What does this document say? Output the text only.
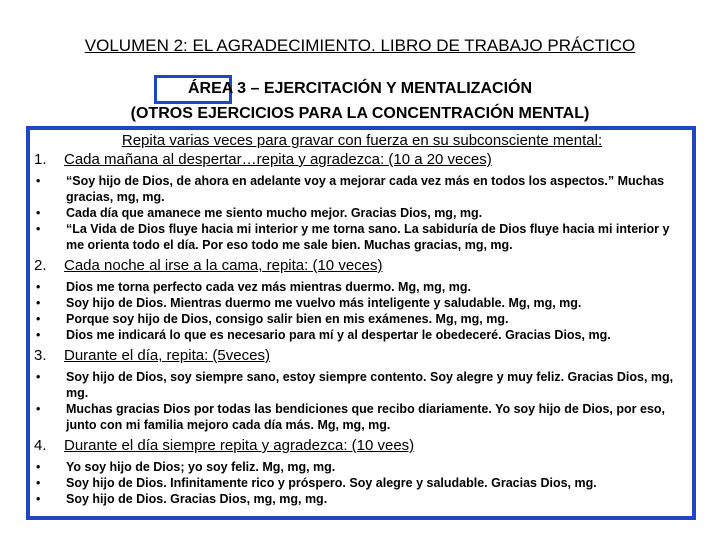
VOLUMEN 2: EL AGRADECIMIENTO. LIBRO DE TRABAJO PRÁCTICO
ÁREA 3 – EJERCITACIÓN Y MENTALIZACIÓN
(OTROS EJERCICIOS PARA LA CONCENTRACIÓN MENTAL)
Repita varias veces para gravar con fuerza en su subconsciente mental:
1.	Cada mañana al despertar…repita y agradezca: (10 a 20 veces)
•	“Soy hijo de Dios, de ahora en adelante voy a mejorar cada vez más en todos los aspectos.” Muchas gracias, mg, mg.
•	Cada día que amanece me siento mucho mejor. Gracias Dios, mg, mg.
•	“La Vida de Dios fluye hacia mi interior y me torna sano. La sabiduría de Dios fluye hacia mi interior y me orienta todo el día. Por eso todo me sale bien. Muchas gracias, mg, mg.
2.	Cada noche al irse a la cama, repita: (10 veces)
•	Dios me torna perfecto cada vez más mientras duermo. Mg, mg, mg.
•	Soy hijo de Dios. Mientras duermo me vuelvo más inteligente y saludable. Mg, mg, mg.
•	Porque soy hijo de Dios, consigo salir bien en mis exámenes. Mg, mg, mg.
•	Dios me indicará lo que es necesario para mí y al despertar le obedeceré. Gracias Dios, mg.
3.	Durante el día, repita: (5veces)
•	Soy hijo de Dios, soy siempre sano, estoy siempre contento. Soy alegre y muy feliz. Gracias Dios, mg, mg.
•	Muchas gracias Dios por todas las bendiciones que recibo diariamente. Yo soy hijo de Dios, por eso, junto con mi familia mejoro cada día más. Mg, mg, mg.
4.	Durante el día siempre repita y agradezca: (10 vees)
•	Yo soy hijo de Dios; yo soy feliz. Mg, mg, mg.
•	Soy hijo de Dios. Infinitamente rico y próspero. Soy alegre y saludable. Gracias Dios, mg.
•	Soy hijo de Dios. Gracias Dios, mg, mg, mg.
